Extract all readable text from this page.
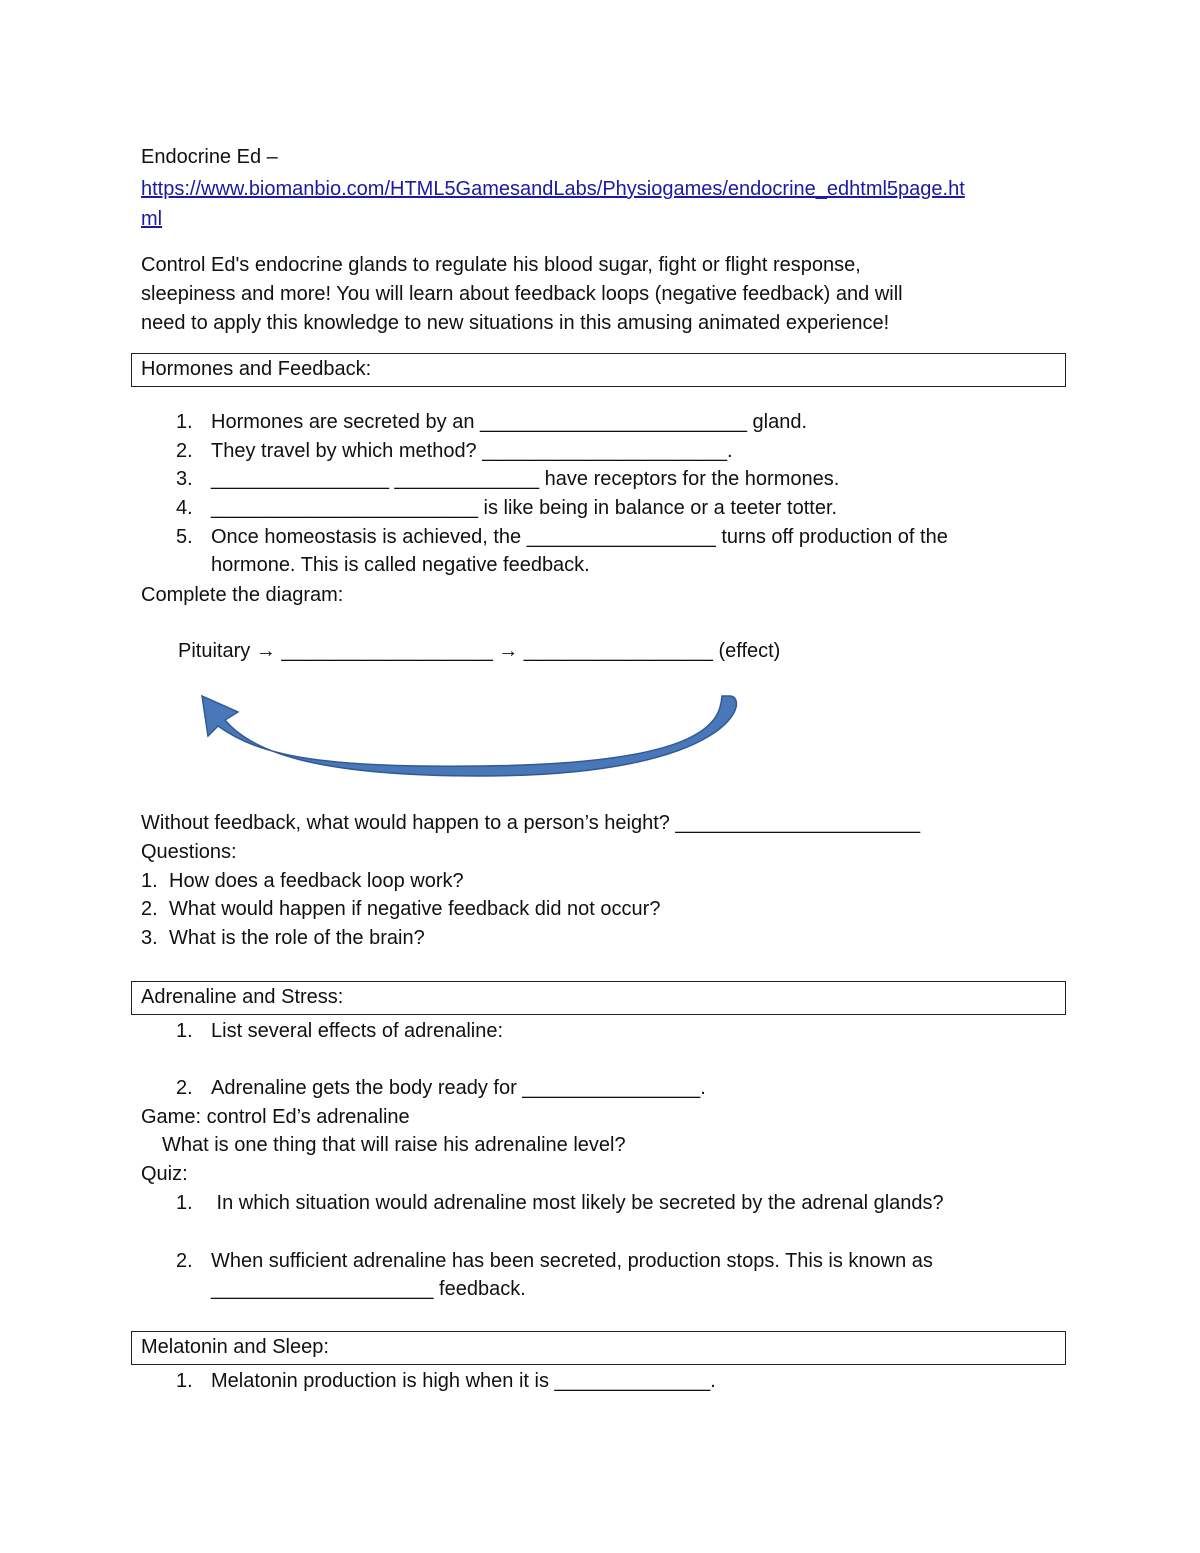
Endocrine Ed –
https://www.biomanbio.com/HTML5GamesandLabs/Physiogames/endocrine_edhtml5page.ht
ml
Control Ed's endocrine glands to regulate his blood sugar, fight or flight response,
sleepiness and more! You will learn about feedback loops (negative feedback) and will
need to apply this knowledge to new situations in this amusing animated experience!
Hormones and Feedback:
1. Hormones are secreted by an ________________________ gland.
2. They travel by which method? ______________________.
3. ________________ _____________ have receptors for the hormones.
4. ________________________ is like being in balance or a teeter totter.
5. Once homeostasis is achieved, the _________________ turns off production of the
hormone. This is called negative feedback.
Complete the diagram:
Pituitary → ___________________ → _________________ (effect)
Without feedback, what would happen to a person’s height? ______________________
Questions:
1. How does a feedback loop work?
2. What would happen if negative feedback did not occur?
3. What is the role of the brain?
Adrenaline and Stress:
1. List several effects of adrenaline:
2. Adrenaline gets the body ready for ________________.
Game: control Ed’s adrenaline
What is one thing that will raise his adrenaline level?
Quiz:
1. In which situation would adrenaline most likely be secreted by the adrenal glands?
2. When sufficient adrenaline has been secreted, production stops. This is known as
____________________ feedback.
Melatonin and Sleep:
1. Melatonin production is high when it is ______________.
